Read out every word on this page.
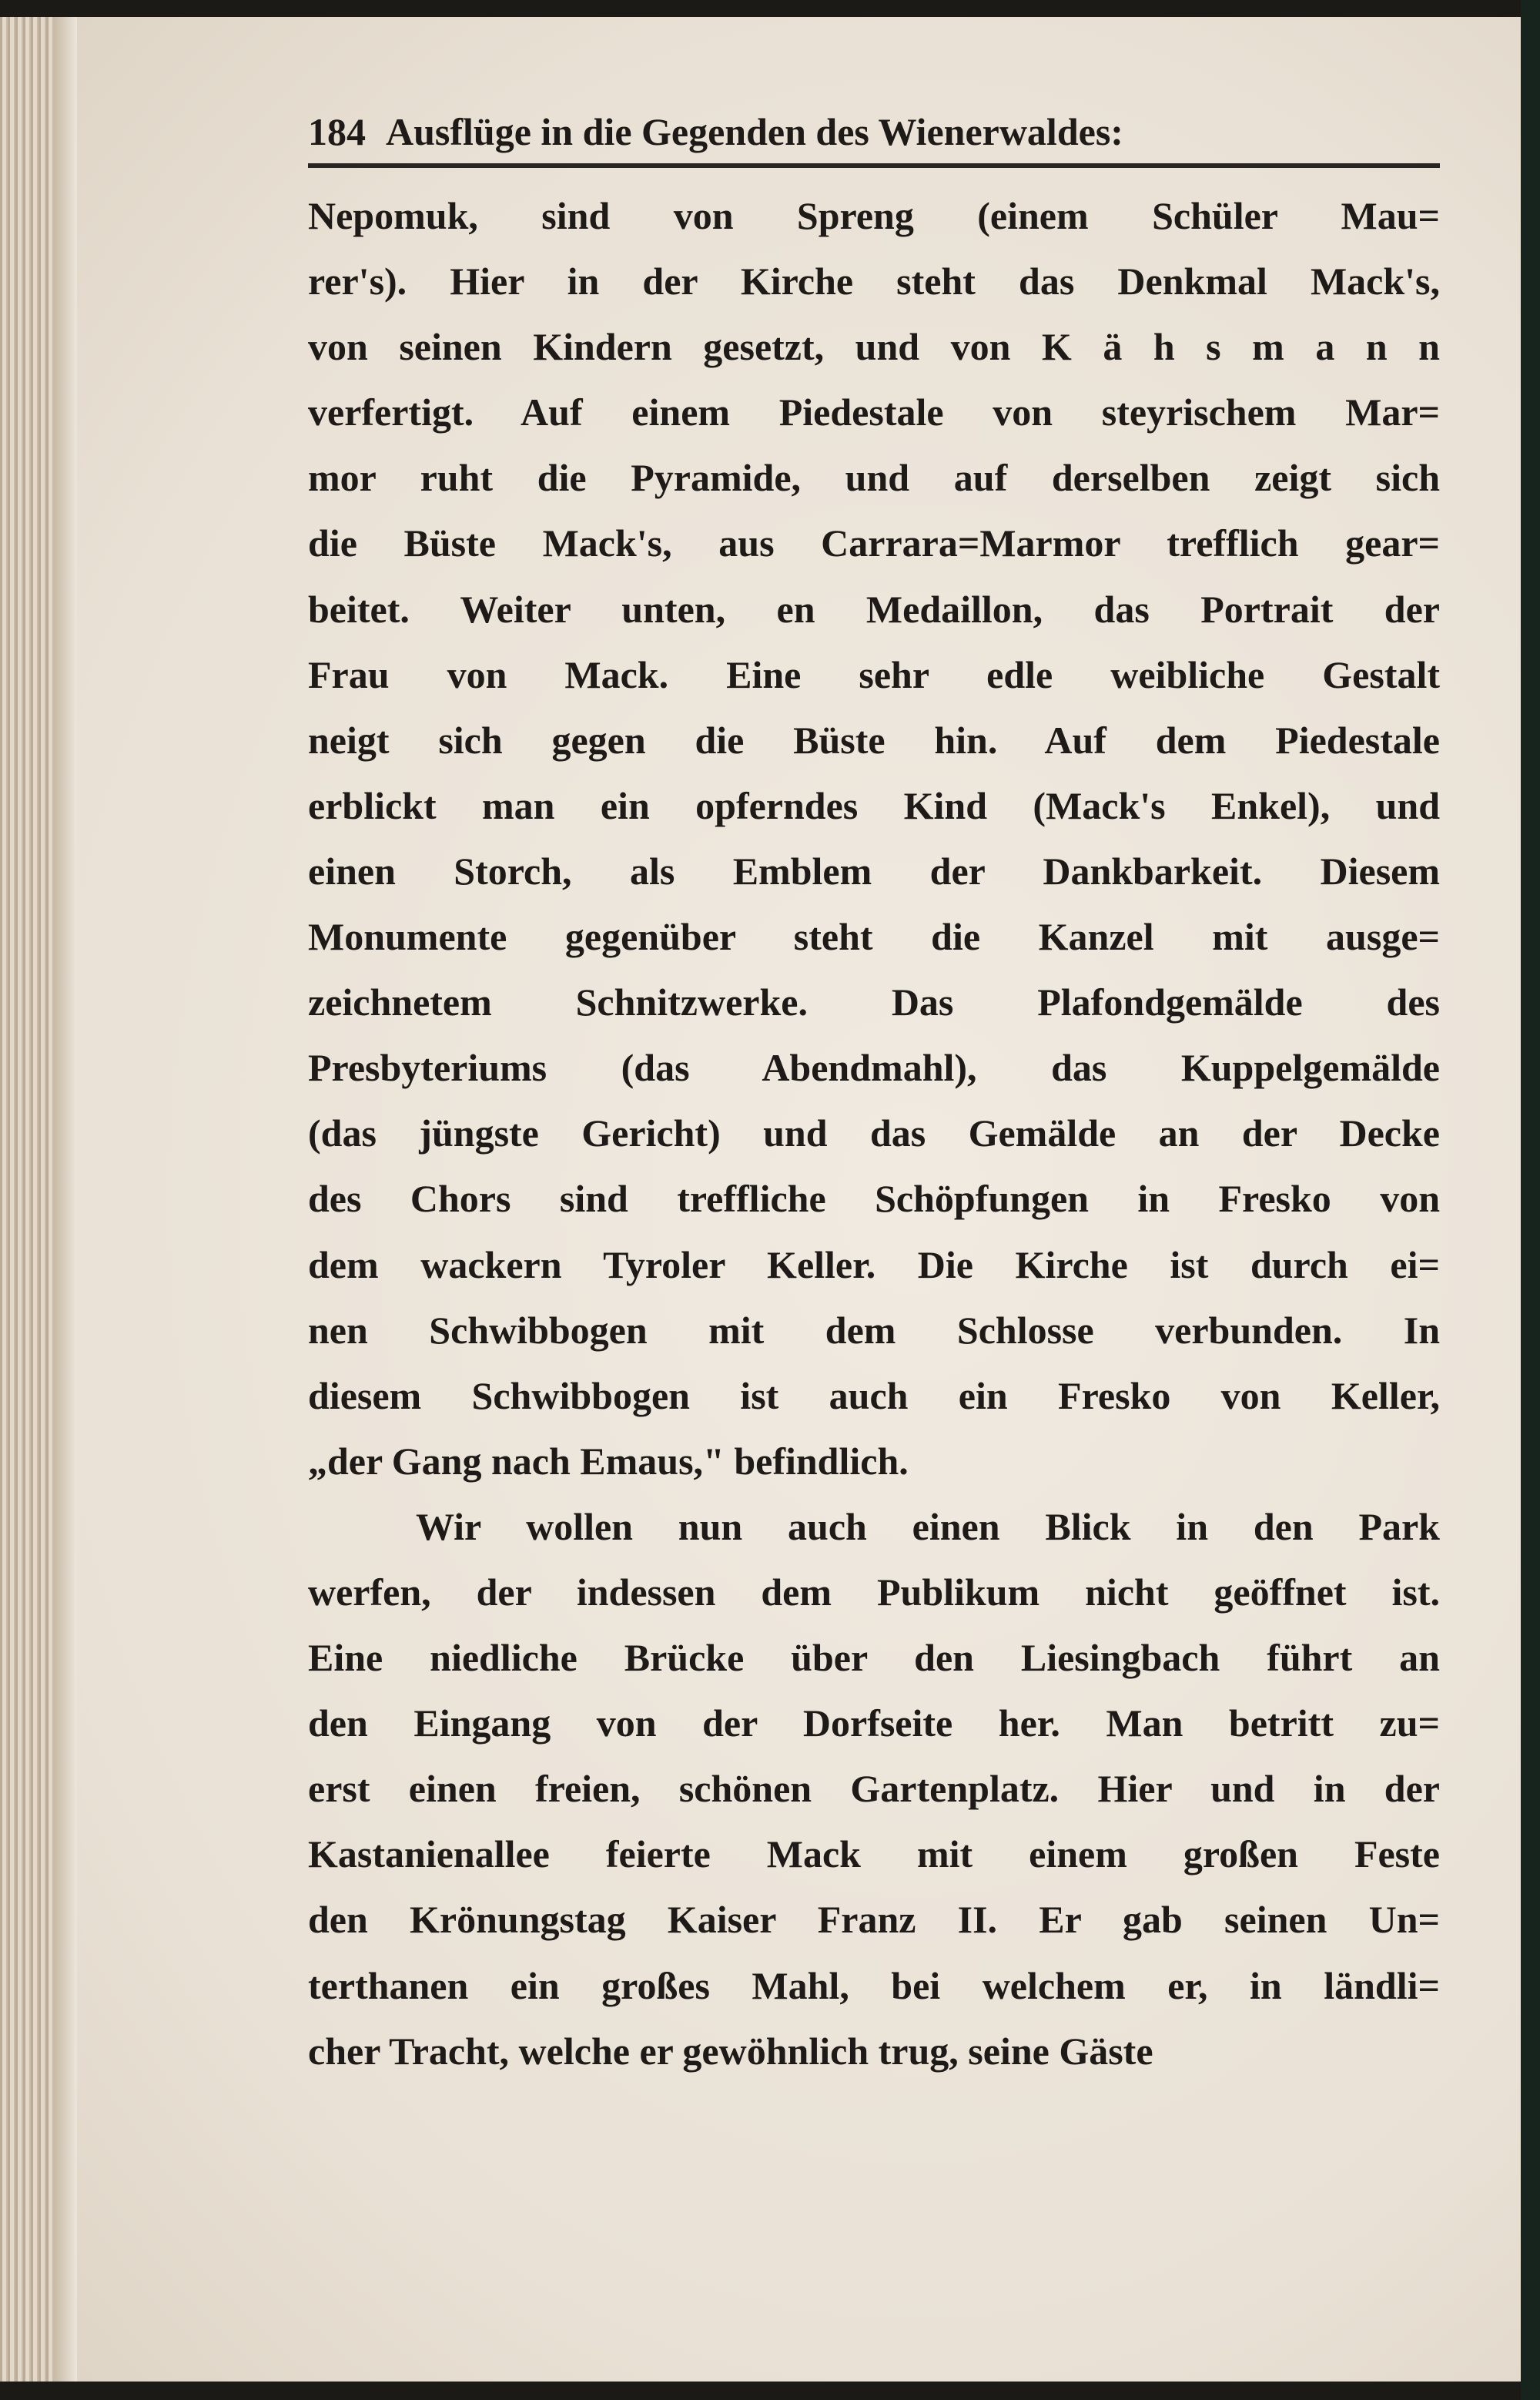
184 Ausflüge in die Gegenden des Wienerwaldes:
Nepomuk, sind von Spreng (einem Schüler Mau=
rer's). Hier in der Kirche steht das Denkmal Mack's,
von seinen Kindern gesetzt, und von K ä h s m a n n
verfertigt. Auf einem Piedestale von steyrischem Mar=
mor ruht die Pyramide, und auf derselben zeigt sich
die Büste Mack's, aus Carrara=Marmor trefflich gear=
beitet. Weiter unten, en Medaillon, das Portrait der
Frau von Mack. Eine sehr edle weibliche Gestalt
neigt sich gegen die Büste hin. Auf dem Piedestale
erblickt man ein opferndes Kind (Mack's Enkel), und
einen Storch, als Emblem der Dankbarkeit. Diesem
Monumente gegenüber steht die Kanzel mit ausge=
zeichnetem Schnitzwerke. Das Plafondgemälde des
Presbyteriums (das Abendmahl), das Kuppelgemälde
(das jüngste Gericht) und das Gemälde an der Decke
des Chors sind treffliche Schöpfungen in Fresko von
dem wackern Tyroler Keller. Die Kirche ist durch ei=
nen Schwibbogen mit dem Schlosse verbunden. In
diesem Schwibbogen ist auch ein Fresko von Keller,
„der Gang nach Emaus," befindlich.
Wir wollen nun auch einen Blick in den Park
werfen, der indessen dem Publikum nicht geöffnet ist.
Eine niedliche Brücke über den Liesingbach führt an
den Eingang von der Dorfseite her. Man betritt zu=
erst einen freien, schönen Gartenplatz. Hier und in der
Kastanienallee feierte Mack mit einem großen Feste
den Krönungstag Kaiser Franz II. Er gab seinen Un=
terthanen ein großes Mahl, bei welchem er, in ländli=
cher Tracht, welche er gewöhnlich trug, seine Gäste
